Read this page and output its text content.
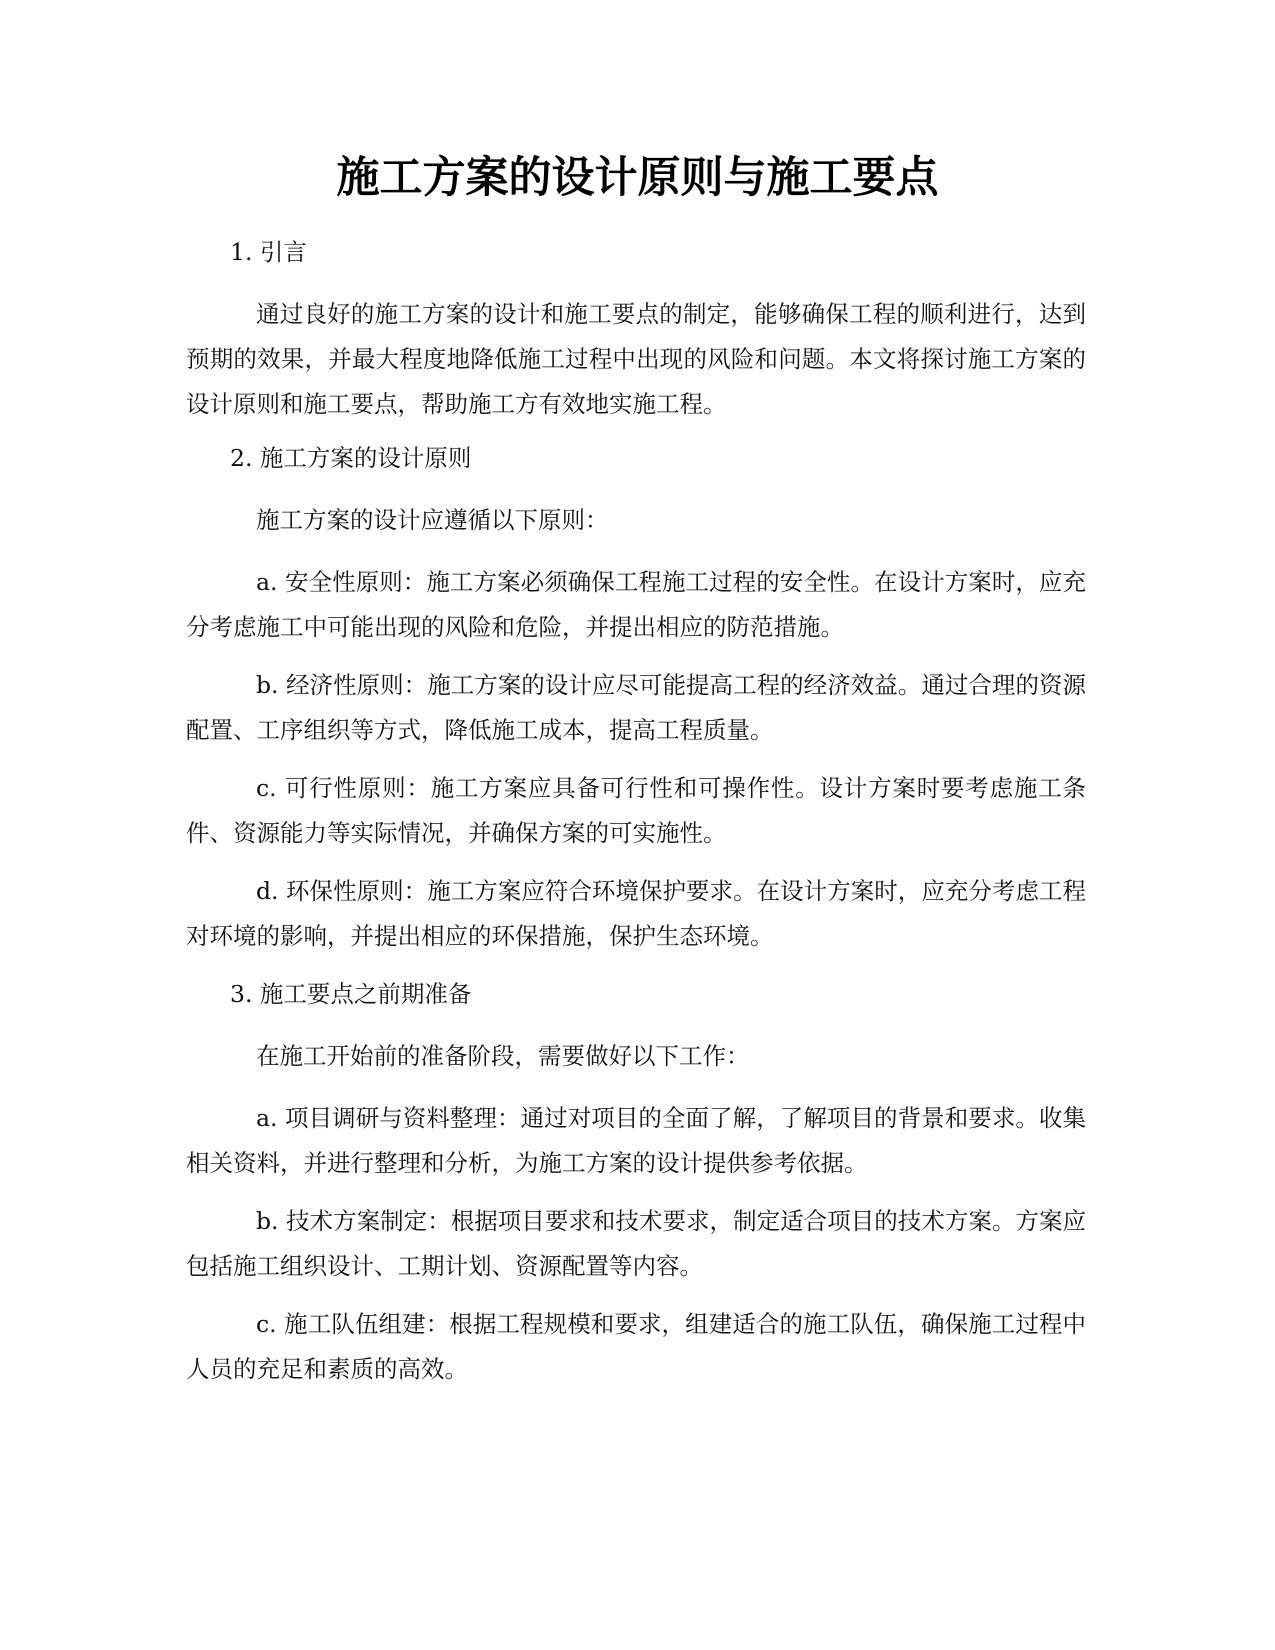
施工方案的设计原则与施工要点

1. 引言

通过良好的施工方案的设计和施工要点的制定，能够确保工程的顺利进行，达到预期的效果，并最大程度地降低施工过程中出现的风险和问题。本文将探讨施工方案的设计原则和施工要点，帮助施工方有效地实施工程。

2. 施工方案的设计原则

施工方案的设计应遵循以下原则：

a. 安全性原则：施工方案必须确保工程施工过程的安全性。在设计方案时，应充分考虑施工中可能出现的风险和危险，并提出相应的防范措施。

b. 经济性原则：施工方案的设计应尽可能提高工程的经济效益。通过合理的资源配置、工序组织等方式，降低施工成本，提高工程质量。

c. 可行性原则：施工方案应具备可行性和可操作性。设计方案时要考虑施工条件、资源能力等实际情况，并确保方案的可实施性。

d. 环保性原则：施工方案应符合环境保护要求。在设计方案时，应充分考虑工程对环境的影响，并提出相应的环保措施，保护生态环境。

3. 施工要点之前期准备

在施工开始前的准备阶段，需要做好以下工作：

a. 项目调研与资料整理：通过对项目的全面了解，了解项目的背景和要求。收集相关资料，并进行整理和分析，为施工方案的设计提供参考依据。

b. 技术方案制定：根据项目要求和技术要求，制定适合项目的技术方案。方案应包括施工组织设计、工期计划、资源配置等内容。

c. 施工队伍组建：根据工程规模和要求，组建适合的施工队伍，确保施工过程中人员的充足和素质的高效。
